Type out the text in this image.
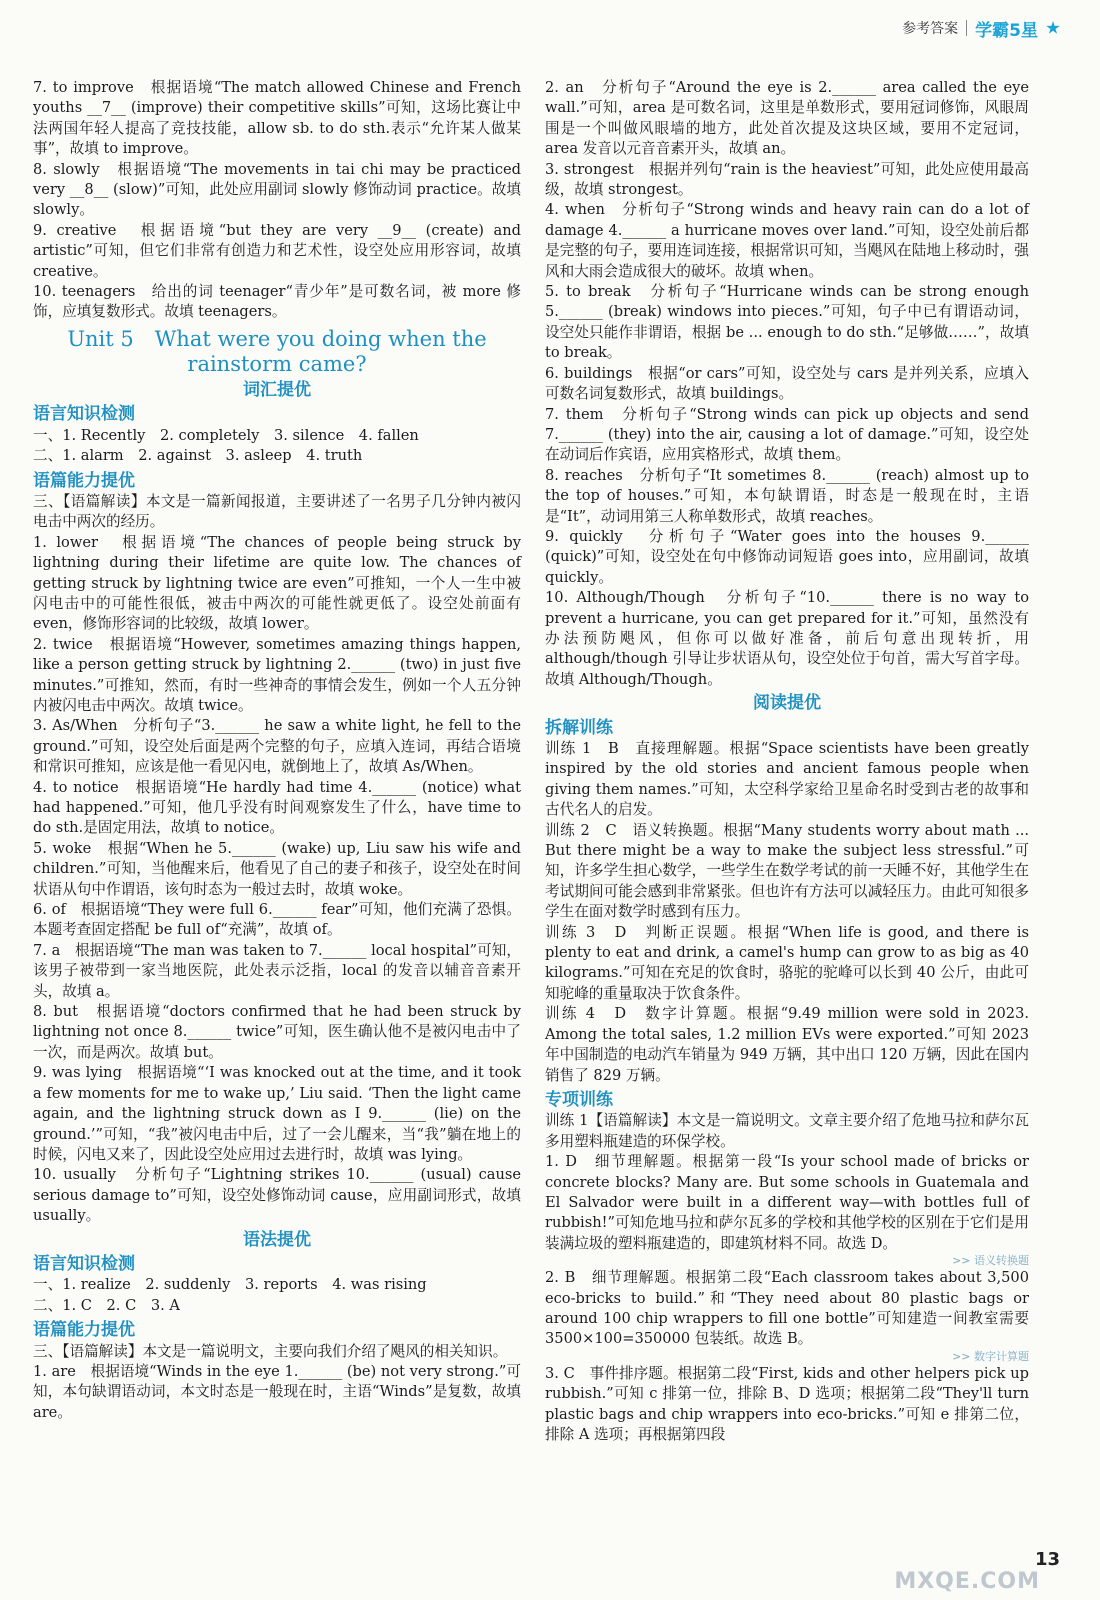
参考答案 学霸5星

7. to improve　根据语境“The match allowed Chinese and French youths __7__ (improve) their competitive skills”可知，这场比赛让中法两国年轻人提高了竞技技能，allow sb. to do sth.表示“允许某人做某事”，故填 to improve。

8. slowly　根据语境“The movements in tai chi may be practiced very __8__ (slow)”可知，此处应用副词 slowly 修饰动词 practice。故填 slowly。

9. creative　根据语境“but they are very __9__ (create) and artistic”可知，但它们非常有创造力和艺术性，设空处应用形容词，故填 creative。

10. teenagers　给出的词 teenager“青少年”是可数名词，被 more 修饰，应填复数形式。故填 teenagers。

Unit 5　What were you doing when the rainstorm came?
词汇提优
语言知识检测

一、1. Recently　2. completely　3. silence　4. fallen

二、1. alarm　2. against　3. asleep　4. truth

语篇能力提优

三、【语篇解读】本文是一篇新闻报道，主要讲述了一名男子几分钟内被闪电击中两次的经历。

1. lower　根据语境“The chances of people being struck by lightning during their lifetime are quite low. The chances of getting struck by lightning twice are even”可推知，一个人一生中被闪电击中的可能性很低，被击中两次的可能性就更低了。设空处前面有 even，修饰形容词的比较级，故填 lower。

2. twice　根据语境“However, sometimes amazing things happen, like a person getting struck by lightning 2.______ (two) in just five minutes.”可推知，然而，有时一些神奇的事情会发生，例如一个人五分钟内被闪电击中两次。故填 twice。

3. As/When　分析句子“3.______ he saw a white light, he fell to the ground.”可知，设空处后面是两个完整的句子，应填入连词，再结合语境和常识可推知，应该是他一看见闪电，就倒地上了，故填 As/When。

4. to notice　根据语境“He hardly had time 4.______ (notice) what had happened.”可知，他几乎没有时间观察发生了什么，have time to do sth.是固定用法，故填 to notice。

5. woke　根据“When he 5.______ (wake) up, Liu saw his wife and children.”可知，当他醒来后，他看见了自己的妻子和孩子，设空处在时间状语从句中作谓语，该句时态为一般过去时，故填 woke。

6. of　根据语境“They were full 6.______ fear”可知，他们充满了恐惧。本题考查固定搭配 be full of“充满”，故填 of。

7. a　根据语境“The man was taken to 7.______ local hospital”可知，该男子被带到一家当地医院，此处表示泛指，local 的发音以辅音音素开头，故填 a。

8. but　根据语境“doctors confirmed that he had been struck by lightning not once 8.______ twice”可知，医生确认他不是被闪电击中了一次，而是两次。故填 but。

9. was lying　根据语境“‘I was knocked out at the time, and it took a few moments for me to wake up,’ Liu said. ‘Then the light came again, and the lightning struck down as I 9.______ (lie) on the ground.’”可知，“我”被闪电击中后，过了一会儿醒来，当“我”躺在地上的时候，闪电又来了，因此设空处应用过去进行时，故填 was lying。

10. usually　分析句子“Lightning strikes 10.______ (usual) cause serious damage to”可知，设空处修饰动词 cause，应用副词形式，故填 usually。

语法提优
语言知识检测

一、1. realize　2. suddenly　3. reports　4. was rising

二、1. C　2. C　3. A

语篇能力提优

三、【语篇解读】本文是一篇说明文，主要向我们介绍了飓风的相关知识。

1. are　根据语境“Winds in the eye 1.______ (be) not very strong.”可知，本句缺谓语动词，本文时态是一般现在时，主语“Winds”是复数，故填 are。

2. an　分析句子“Around the eye is 2.______ area called the eye wall.”可知，area 是可数名词，这里是单数形式，要用冠词修饰，风眼周围是一个叫做风眼墙的地方，此处首次提及这块区域，要用不定冠词，area 发音以元音音素开头，故填 an。

3. strongest　根据并列句“rain is the heaviest”可知，此处应使用最高级，故填 strongest。

4. when　分析句子“Strong winds and heavy rain can do a lot of damage 4.______ a hurricane moves over land.”可知，设空处前后都是完整的句子，要用连词连接，根据常识可知，当飓风在陆地上移动时，强风和大雨会造成很大的破坏。故填 when。

5. to break　分析句子“Hurricane winds can be strong enough 5.______ (break) windows into pieces.”可知，句子中已有谓语动词，设空处只能作非谓语，根据 be ... enough to do sth.“足够做……”，故填 to break。

6. buildings　根据“or cars”可知，设空处与 cars 是并列关系，应填入可数名词复数形式，故填 buildings。

7. them　分析句子“Strong winds can pick up objects and send 7.______ (they) into the air, causing a lot of damage.”可知，设空处在动词后作宾语，应用宾格形式，故填 them。

8. reaches　分析句子“It sometimes 8.______ (reach) almost up to the top of houses.”可知，本句缺谓语，时态是一般现在时，主语是“It”，动词用第三人称单数形式，故填 reaches。

9. quickly　分析句子“Water goes into the houses 9.______ (quick)”可知，设空处在句中修饰动词短语 goes into，应用副词，故填 quickly。

10. Although/Though　分析句子“10.______ there is no way to prevent a hurricane, you can get prepared for it.”可知，虽然没有办法预防飓风，但你可以做好准备，前后句意出现转折，用 although/though 引导让步状语从句，设空处位于句首，需大写首字母。故填 Although/Though。

阅读提优
拆解训练

训练 1　B　直接理解题。根据“Space scientists have been greatly inspired by the old stories and ancient famous people when giving them names.”可知，太空科学家给卫星命名时受到古老的故事和古代名人的启发。

训练 2　C　语义转换题。根据“Many students worry about math ... But there might be a way to make the subject less stressful.”可知，许多学生担心数学，一些学生在数学考试的前一天睡不好，其他学生在考试期间可能会感到非常紧张。但也许有方法可以减轻压力。由此可知很多学生在面对数学时感到有压力。

训练 3　D　判断正误题。根据“When life is good, and there is plenty to eat and drink, a camel's hump can grow to as big as 40 kilograms.”可知在充足的饮食时，骆驼的驼峰可以长到 40 公斤，由此可知驼峰的重量取决于饮食条件。

训练 4　D　数字计算题。根据“9.49 million were sold in 2023. Among the total sales, 1.2 million EVs were exported.”可知 2023 年中国制造的电动汽车销量为 949 万辆，其中出口 120 万辆，因此在国内销售了 829 万辆。

专项训练

训练 1【语篇解读】本文是一篇说明文。文章主要介绍了危地马拉和萨尔瓦多用塑料瓶建造的环保学校。

1. D　细节理解题。根据第一段“Is your school made of bricks or concrete blocks? Many are. But some schools in Guatemala and El Salvador were built in a different way—with bottles full of rubbish!”可知危地马拉和萨尔瓦多的学校和其他学校的区别在于它们是用装满垃圾的塑料瓶建造的，即建筑材料不同。故选 D。

>> 语义转换题

2. B　细节理解题。根据第二段“Each classroom takes about 3,500 eco-bricks to build.”和“They need about 80 plastic bags or around 100 chip wrappers to fill one bottle”可知建造一间教室需要 3500×100=350000 包装纸。故选 B。

>> 数字计算题

3. C　事件排序题。根据第二段“First, kids and other helpers pick up rubbish.”可知 c 排第一位，排除 B、D 选项；根据第二段“They'll turn plastic bags and chip wrappers into eco-bricks.”可知 e 排第二位，排除 A 选项；再根据第四段

MXQE.COM
13
